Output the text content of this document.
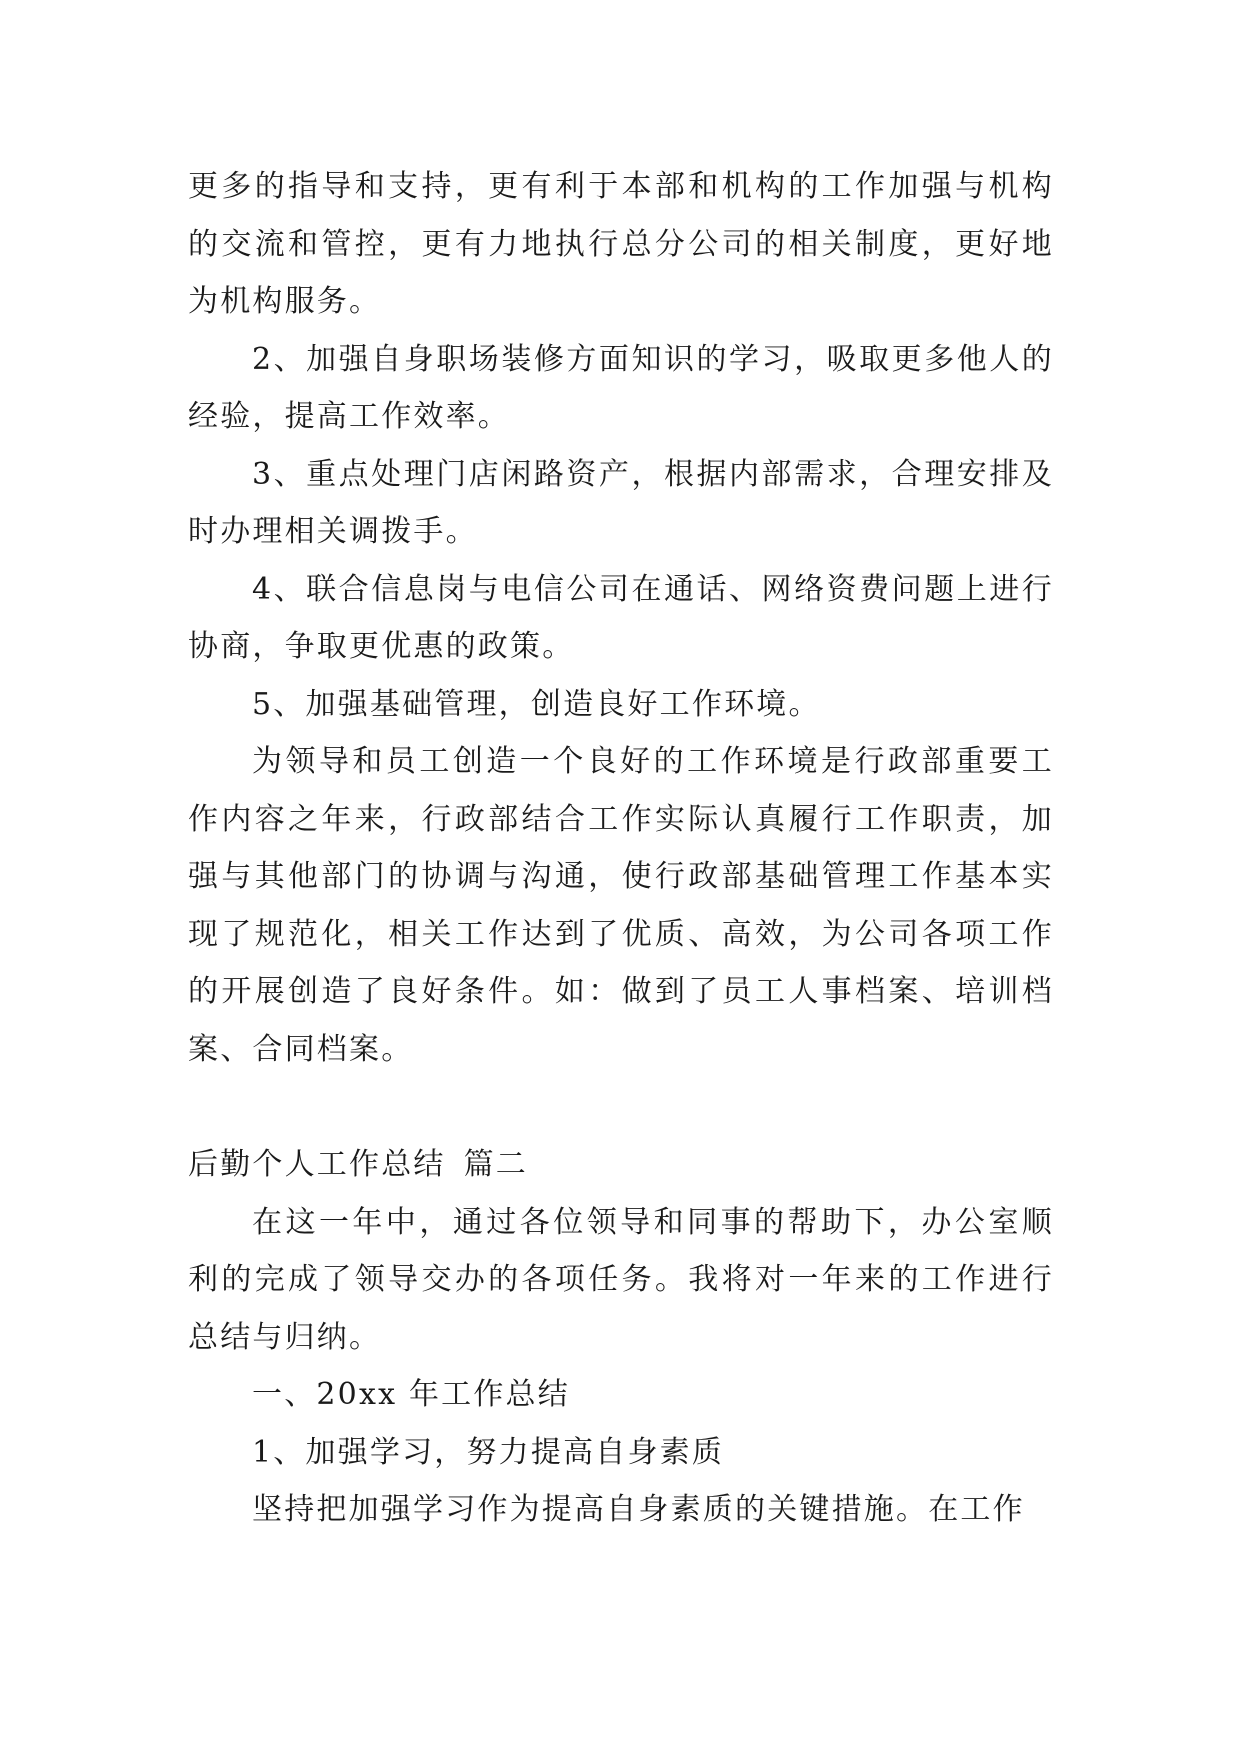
更多的指导和支持，更有利于本部和机构的工作加强与机构的交流和管控，更有力地执行总分公司的相关制度，更好地为机构服务。

2、加强自身职场装修方面知识的学习，吸取更多他人的经验，提高工作效率。

3、重点处理门店闲路资产，根据内部需求，合理安排及时办理相关调拨手。

4、联合信息岗与电信公司在通话、网络资费问题上进行协商，争取更优惠的政策。

5、加强基础管理，创造良好工作环境。

为领导和员工创造一个良好的工作环境是行政部重要工作内容之年来，行政部结合工作实际认真履行工作职责，加强与其他部门的协调与沟通，使行政部基础管理工作基本实现了规范化，相关工作达到了优质、高效，为公司各项工作的开展创造了良好条件。如：做到了员工人事档案、培训档案、合同档案。

后勤个人工作总结 篇二

在这一年中，通过各位领导和同事的帮助下，办公室顺利的完成了领导交办的各项任务。我将对一年来的工作进行总结与归纳。

一、20xx 年工作总结

1、加强学习，努力提高自身素质

坚持把加强学习作为提高自身素质的关键措施。在工作
